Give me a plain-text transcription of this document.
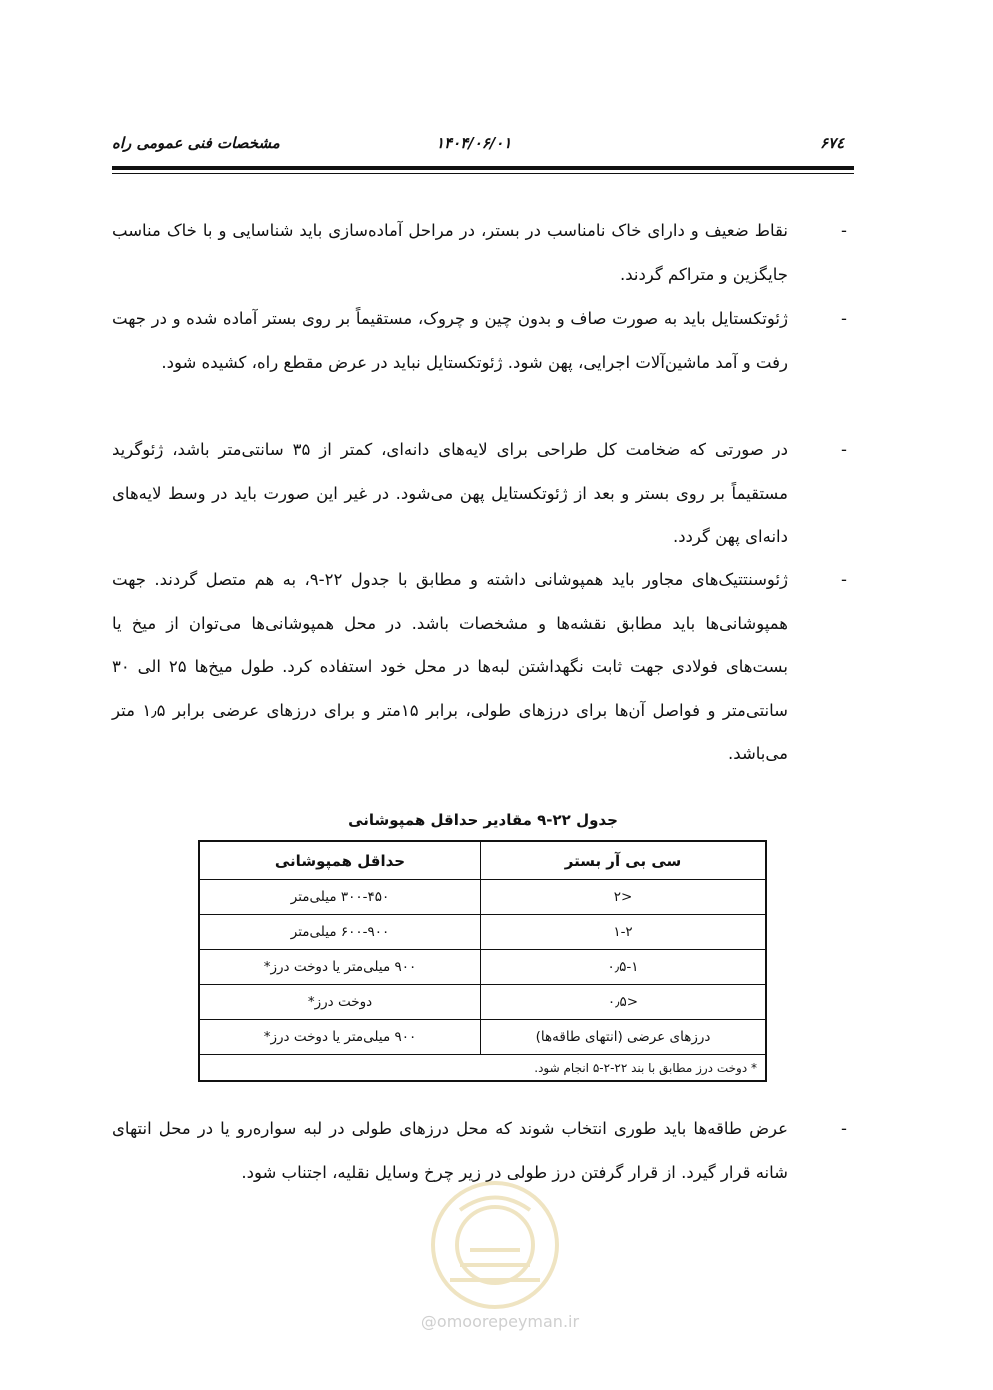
مشخصات فنی عمومی راه	۱۴۰۴/۰۶/۰۱	۶۷٤
-
نقاط ضعیف و دارای خاک نامناسب در بستر، در مراحل آماده‌سازی باید شناسایی و با خاک مناسب جایگزین و متراکم گردند.
-
ژئوتکستایل باید به صورت صاف و بدون چین و چروک، مستقیماً بر روی بستر آماده شده و در جهت رفت و آمد ماشین‌آلات اجرایی، پهن شود. ژئوتکستایل نباید در عرض مقطع راه، کشیده شود.
-
در صورتی که ضخامت کل طراحی برای لایه‌های دانه‌ای، کمتر از ۳۵ سانتی‌متر باشد، ژئوگرید مستقیماً بر روی بستر و بعد از ژئوتکستایل پهن می‌شود. در غیر این صورت باید در وسط لایه‌های دانه‌ای پهن گردد.
-
ژئوسنتتیک‌های مجاور باید همپوشانی داشته و مطابق با جدول ۲۲-۹، به هم متصل گردند. جهت همپوشانی‌ها باید مطابق نقشه‌ها و مشخصات باشد. در محل همپوشانی‌ها می‌توان از میخ یا بست‌های فولادی جهت ثابت نگهداشتن لبه‌ها در محل خود استفاده کرد. طول میخ‌ها ۲۵ الی ۳۰ سانتی‌متر و فواصل آن‌ها برای درزهای طولی، برابر ۱۵متر و برای درزهای عرضی برابر ۱٫۵ متر می‌باشد.
جدول ۲۲-۹ مقادیر حداقل همپوشانی
سی بی آر بستر	حداقل همپوشانی
<۲	۳۰۰-۴۵۰ میلی‌متر
۱-۲	۶۰۰-۹۰۰ میلی‌متر
۰٫۵-۱	۹۰۰ میلی‌متر یا دوخت درز*
<۰٫۵	دوخت درز*
درزهای عرضی (انتهای طاقه‌ها)	۹۰۰ میلی‌متر یا دوخت درز*
* دوخت درز مطابق با بند ۲۲-۲-۵ انجام شود.	
-
عرض طاقه‌ها باید طوری انتخاب شوند که محل درزهای طولی در لبه سواره‌رو یا در محل انتهای شانه قرار گیرد. از قرار گرفتن درز طولی در زیر چرخ وسایل نقلیه، اجتناب شود.
@omoorepeyman.ir
